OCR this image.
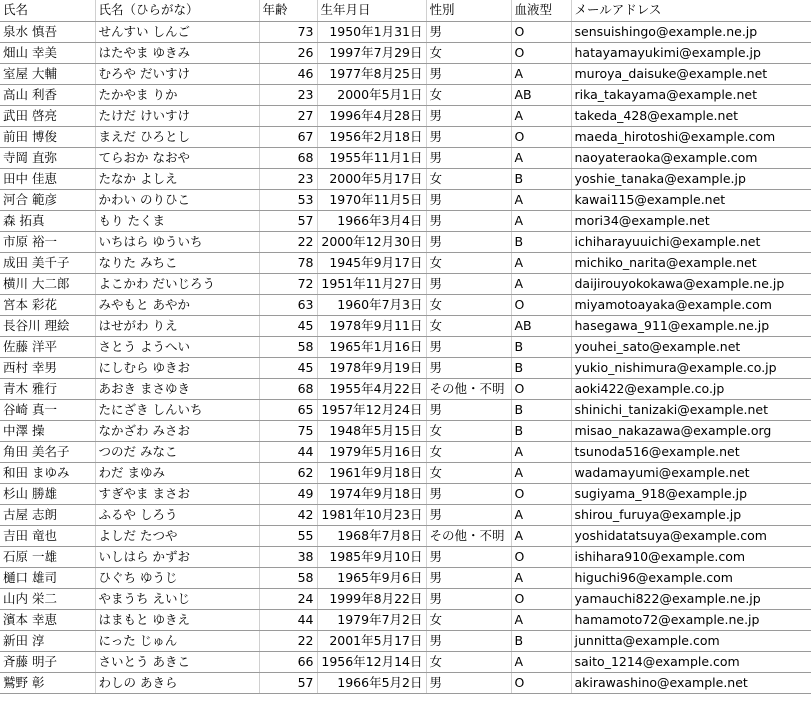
氏名	氏名（ひらがな）	年齢	生年月日	性別	血液型	メールアドレス
泉水 慎吾	せんすい しんご	73	1950年1月31日	男	O	sensuishingo@example.ne.jp
畑山 幸美	はたやま ゆきみ	26	1997年7月29日	女	O	hatayamayukimi@example.jp
室屋 大輔	むろや だいすけ	46	1977年8月25日	男	A	muroya_daisuke@example.net
高山 利香	たかやま りか	23	2000年5月1日	女	AB	rika_takayama@example.net
武田 啓亮	たけだ けいすけ	27	1996年4月28日	男	A	takeda_428@example.net
前田 博俊	まえだ ひろとし	67	1956年2月18日	男	O	maeda_hirotoshi@example.com
寺岡 直弥	てらおか なおや	68	1955年11月1日	男	A	naoyateraoka@example.com
田中 佳恵	たなか よしえ	23	2000年5月17日	女	B	yoshie_tanaka@example.jp
河合 範彦	かわい のりひこ	53	1970年11月5日	男	A	kawai115@example.net
森 拓真	もり たくま	57	1966年3月4日	男	A	mori34@example.net
市原 裕一	いちはら ゆういち	22	2000年12月30日	男	B	ichiharayuuichi@example.net
成田 美千子	なりた みちこ	78	1945年9月17日	女	A	michiko_narita@example.net
横川 大二郎	よこかわ だいじろう	72	1951年11月27日	男	A	daijirouyokokawa@example.ne.jp
宮本 彩花	みやもと あやか	63	1960年7月3日	女	O	miyamotoayaka@example.com
長谷川 理絵	はせがわ りえ	45	1978年9月11日	女	AB	hasegawa_911@example.ne.jp
佐藤 洋平	さとう ようへい	58	1965年1月16日	男	B	youhei_sato@example.net
西村 幸男	にしむら ゆきお	45	1978年9月19日	男	B	yukio_nishimura@example.co.jp
青木 雅行	あおき まさゆき	68	1955年4月22日	その他・不明	O	aoki422@example.co.jp
谷崎 真一	たにざき しんいち	65	1957年12月24日	男	B	shinichi_tanizaki@example.net
中澤 操	なかざわ みさお	75	1948年5月15日	女	B	misao_nakazawa@example.org
角田 美名子	つのだ みなこ	44	1979年5月16日	女	A	tsunoda516@example.net
和田 まゆみ	わだ まゆみ	62	1961年9月18日	女	A	wadamayumi@example.net
杉山 勝雄	すぎやま まさお	49	1974年9月18日	男	O	sugiyama_918@example.jp
古屋 志朗	ふるや しろう	42	1981年10月23日	男	A	shirou_furuya@example.jp
吉田 竜也	よしだ たつや	55	1968年7月8日	その他・不明	A	yoshidatatsuya@example.com
石原 一雄	いしはら かずお	38	1985年9月10日	男	O	ishihara910@example.com
樋口 雄司	ひぐち ゆうじ	58	1965年9月6日	男	A	higuchi96@example.com
山内 栄二	やまうち えいじ	24	1999年8月22日	男	O	yamauchi822@example.ne.jp
濱本 幸恵	はまもと ゆきえ	44	1979年7月2日	女	A	hamamoto72@example.ne.jp
新田 淳	にった じゅん	22	2001年5月17日	男	B	junnitta@example.com
斉藤 明子	さいとう あきこ	66	1956年12月14日	女	A	saito_1214@example.com
鷲野 彰	わしの あきら	57	1966年5月2日	男	O	akirawashino@example.net
